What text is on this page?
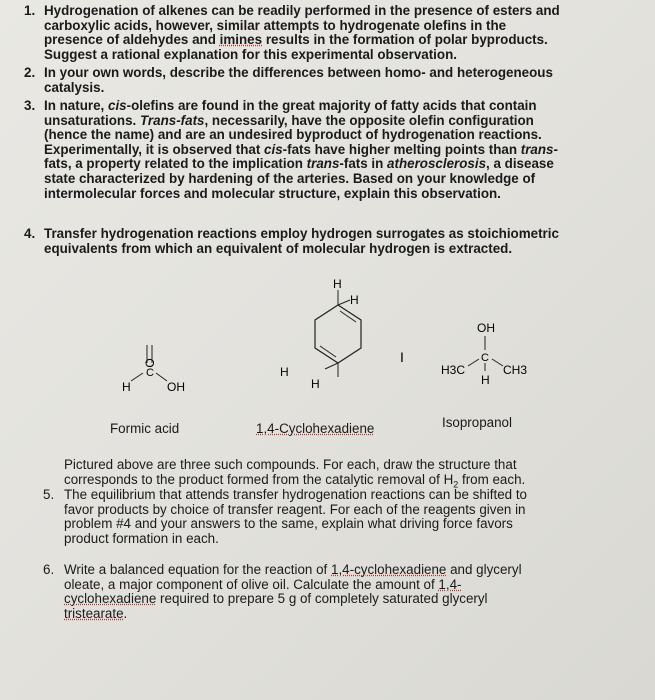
1. Hydrogenation of alkenes can be readily performed in the presence of esters and
carboxylic acids, however, similar attempts to hydrogenate olefins in the
presence of aldehydes and imines results in the formation of polar byproducts.
Suggest a rational explanation for this experimental observation.
2. In your own words, describe the differences between homo- and heterogeneous
catalysis.
3. In nature, cis-olefins are found in the great majority of fatty acids that contain
unsaturations. Trans-fats, necessarily, have the opposite olefin configuration
(hence the name) and are an undesired byproduct of hydrogenation reactions.
Experimentally, it is observed that cis-fats have higher melting points than trans-
fats, a property related to the implication trans-fats in atherosclerosis, a disease
state characterized by hardening of the arteries. Based on your knowledge of
intermolecular forces and molecular structure, explain this observation.
4. Transfer hydrogenation reactions employ hydrogen surrogates as stoichiometric
equivalents from which an equivalent of molecular hydrogen is extracted.
O
C
H	OH
H
H
H
H
I
OH
C
H3C	CH3
H
Formic acid	1,4-Cyclohexadiene	Isopropanol
Pictured above are three such compounds. For each, draw the structure that
corresponds to the product formed from the catalytic removal of $H_2$ from each.
5. The equilibrium that attends transfer hydrogenation reactions can be shifted to
favor products by choice of transfer reagent. For each of the reagents given in
problem #4 and your answers to the same, explain what driving force favors
product formation in each.
6. Write a balanced equation for the reaction of 1,4-cyclohexadiene and glyceryl
oleate, a major component of olive oil. Calculate the amount of 1,4-
cyclohexadiene required to prepare 5 g of completely saturated glyceryl
tristearate.
